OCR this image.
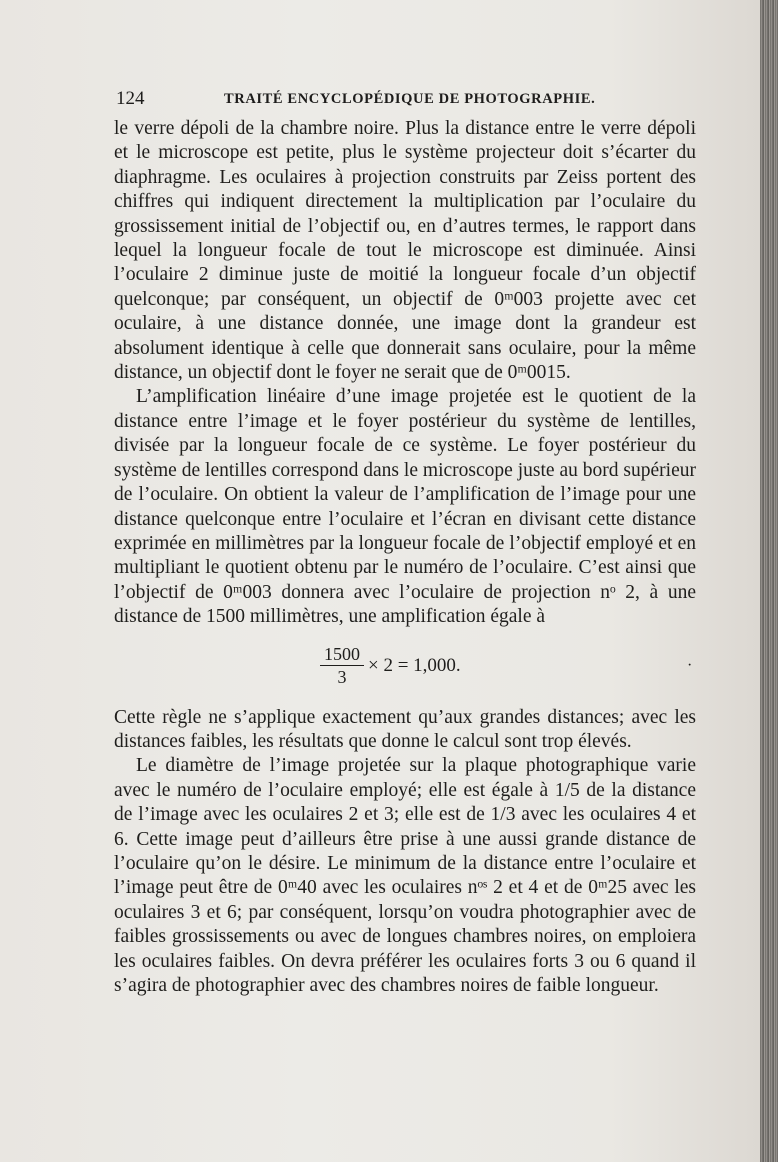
124	TRAITÉ ENCYCLOPÉDIQUE DE PHOTOGRAPHIE.

le verre dépoli de la chambre noire. Plus la distance entre le verre dépoli et le microscope est petite, plus le système projecteur doit s’écarter du diaphragme. Les oculaires à projection construits par Zeiss portent des chiffres qui indiquent directement la multiplication par l’oculaire du grossissement initial de l’objectif ou, en d’autres termes, le rapport dans lequel la longueur focale de tout le microscope est diminuée. Ainsi l’oculaire 2 diminue juste de moitié la longueur focale d’un objectif quelconque; par conséquent, un objectif de 0ᵐ003 projette avec cet oculaire, à une distance donnée, une image dont la grandeur est absolument identique à celle que donnerait sans oculaire, pour la même distance, un objectif dont le foyer ne serait que de 0ᵐ0015.

L’amplification linéaire d’une image projetée est le quotient de la distance entre l’image et le foyer postérieur du système de lentilles, divisée par la longueur focale de ce système. Le foyer postérieur du système de lentilles correspond dans le microscope juste au bord supérieur de l’oculaire. On obtient la valeur de l’amplification de l’image pour une distance quelconque entre l’oculaire et l’écran en divisant cette distance exprimée en millimètres par la longueur focale de l’objectif employé et en multipliant le quotient obtenu par le numéro de l’oculaire. C’est ainsi que l’objectif de 0ᵐ003 donnera avec l’oculaire de projection nᵒ 2, à une distance de 1500 millimètres, une amplification égale à

$\frac{1500}{3} \times 2 = 1,000$.	·

Cette règle ne s’applique exactement qu’aux grandes distances; avec les distances faibles, les résultats que donne le calcul sont trop élevés.

Le diamètre de l’image projetée sur la plaque photographique varie avec le numéro de l’oculaire employé; elle est égale à 1/5 de la distance de l’image avec les oculaires 2 et 3; elle est de 1/3 avec les oculaires 4 et 6. Cette image peut d’ailleurs être prise à une aussi grande distance de l’oculaire qu’on le désire. Le minimum de la distance entre l’oculaire et l’image peut être de 0ᵐ40 avec les oculaires nᵒˢ 2 et 4 et de 0ᵐ25 avec les oculaires 3 et 6; par conséquent, lorsqu’on voudra photographier avec de faibles grossissements ou avec de longues chambres noires, on emploiera les oculaires faibles. On devra préférer les oculaires forts 3 ou 6 quand il s’agira de photographier avec des chambres noires de faible longueur.
